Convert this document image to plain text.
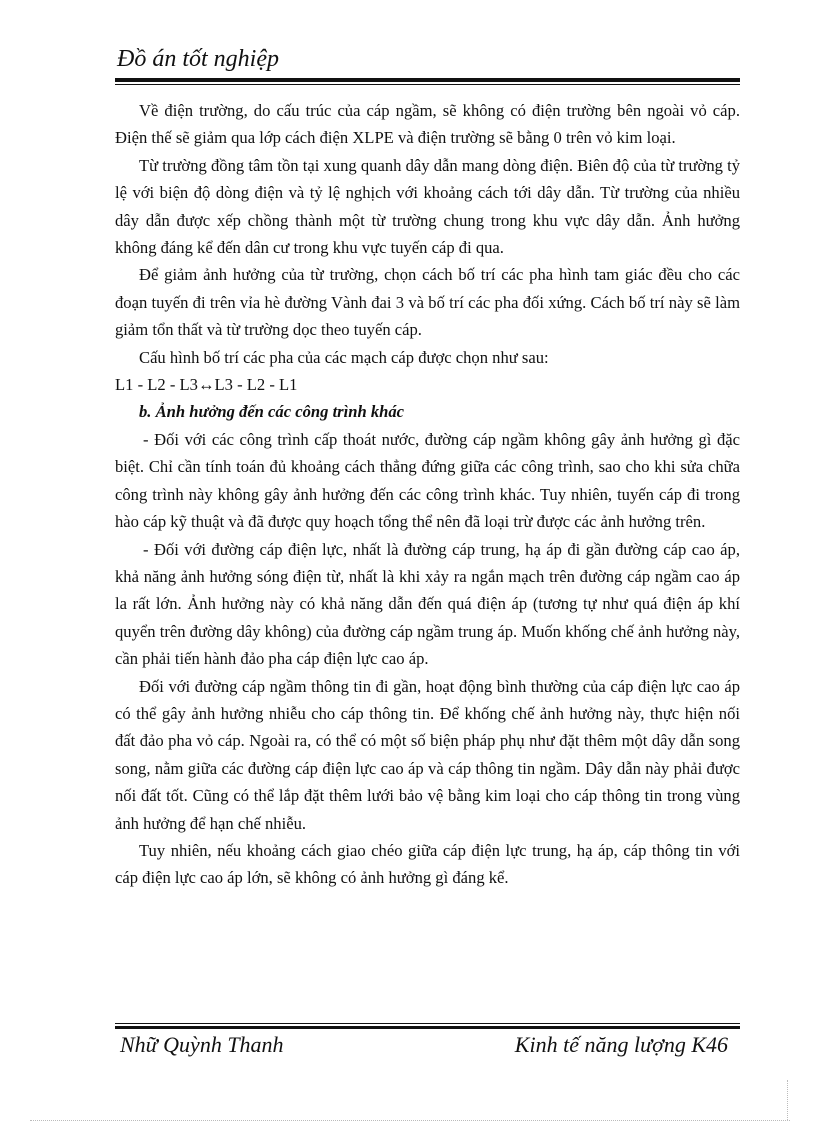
Đồ án tốt nghiệp

Về điện trường, do cấu trúc của cáp ngầm, sẽ không có điện trường bên ngoài vỏ cáp. Điện thế sẽ giảm qua lớp cách điện XLPE và điện trường sẽ bằng 0 trên vỏ kim loại.

Từ trường đồng tâm tồn tại xung quanh dây dẫn mang dòng điện. Biên độ của từ trường tỷ lệ với biện độ dòng điện và tỷ lệ nghịch với khoảng cách tới dây dẫn. Từ trường của nhiều dây dẫn được xếp chồng thành một từ trường chung trong khu vực dây dẫn. Ảnh hưởng không đáng kể đến dân cư trong khu vực tuyến cáp đi qua.

Để giảm ảnh hưởng của từ trường, chọn cách bố trí các pha hình tam giác đều cho các đoạn tuyến đi trên vỉa hè đường Vành đai 3 và bố trí các pha đối xứng. Cách bố trí này sẽ làm giảm tổn thất và từ trường dọc theo tuyến cáp.

Cấu hình bố trí các pha của các mạch cáp được chọn như sau:

L1 - L2 - L3↔L3 - L2 - L1

b. Ảnh hưởng đến các công trình khác

- Đối với các công trình cấp thoát nước, đường cáp ngầm không gây ảnh hưởng gì đặc biệt. Chỉ cần tính toán đủ khoảng cách thẳng đứng giữa các công trình, sao cho khi sửa chữa công trình này không gây ảnh hưởng đến các công trình khác. Tuy nhiên, tuyến cáp đi trong hào cáp kỹ thuật và đã được quy hoạch tổng thể nên đã loại trừ được các ảnh hưởng trên.

- Đối với đường cáp điện lực, nhất là đường cáp trung, hạ áp đi gần đường cáp cao áp, khả năng ảnh hưởng sóng điện từ, nhất là khi xảy ra ngắn mạch trên đường cáp ngầm cao áp la rất lớn. Ảnh hưởng này có khả năng dẫn đến quá điện áp (tương tự như quá điện áp khí quyển trên đường dây không) của đường cáp ngầm trung áp. Muốn khống chế ảnh hưởng này, cần phải tiến hành đảo pha cáp điện lực cao áp.

Đối với đường cáp ngầm thông tin đi gần, hoạt động bình thường của cáp điện lực cao áp có thể gây ảnh hưởng nhiễu cho cáp thông tin. Để khống chế ảnh hưởng này, thực hiện nối đất đảo pha vỏ cáp. Ngoài ra, có thể có một số biện pháp phụ như đặt thêm một dây dẫn song song, nằm giữa các đường cáp điện lực cao áp và cáp thông tin ngầm. Dây dẫn này phải được nối đất tốt. Cũng có thể lắp đặt thêm lưới bảo vệ bằng kim loại cho cáp thông tin trong vùng ảnh hưởng để hạn chế nhiễu.

Tuy nhiên, nếu khoảng cách giao chéo giữa cáp điện lực trung, hạ áp, cáp thông tin với cáp điện lực cao áp lớn, sẽ không có ảnh hưởng gì đáng kể.

Nhữ Quỳnh Thanh	Kinh tế năng lượng K46
